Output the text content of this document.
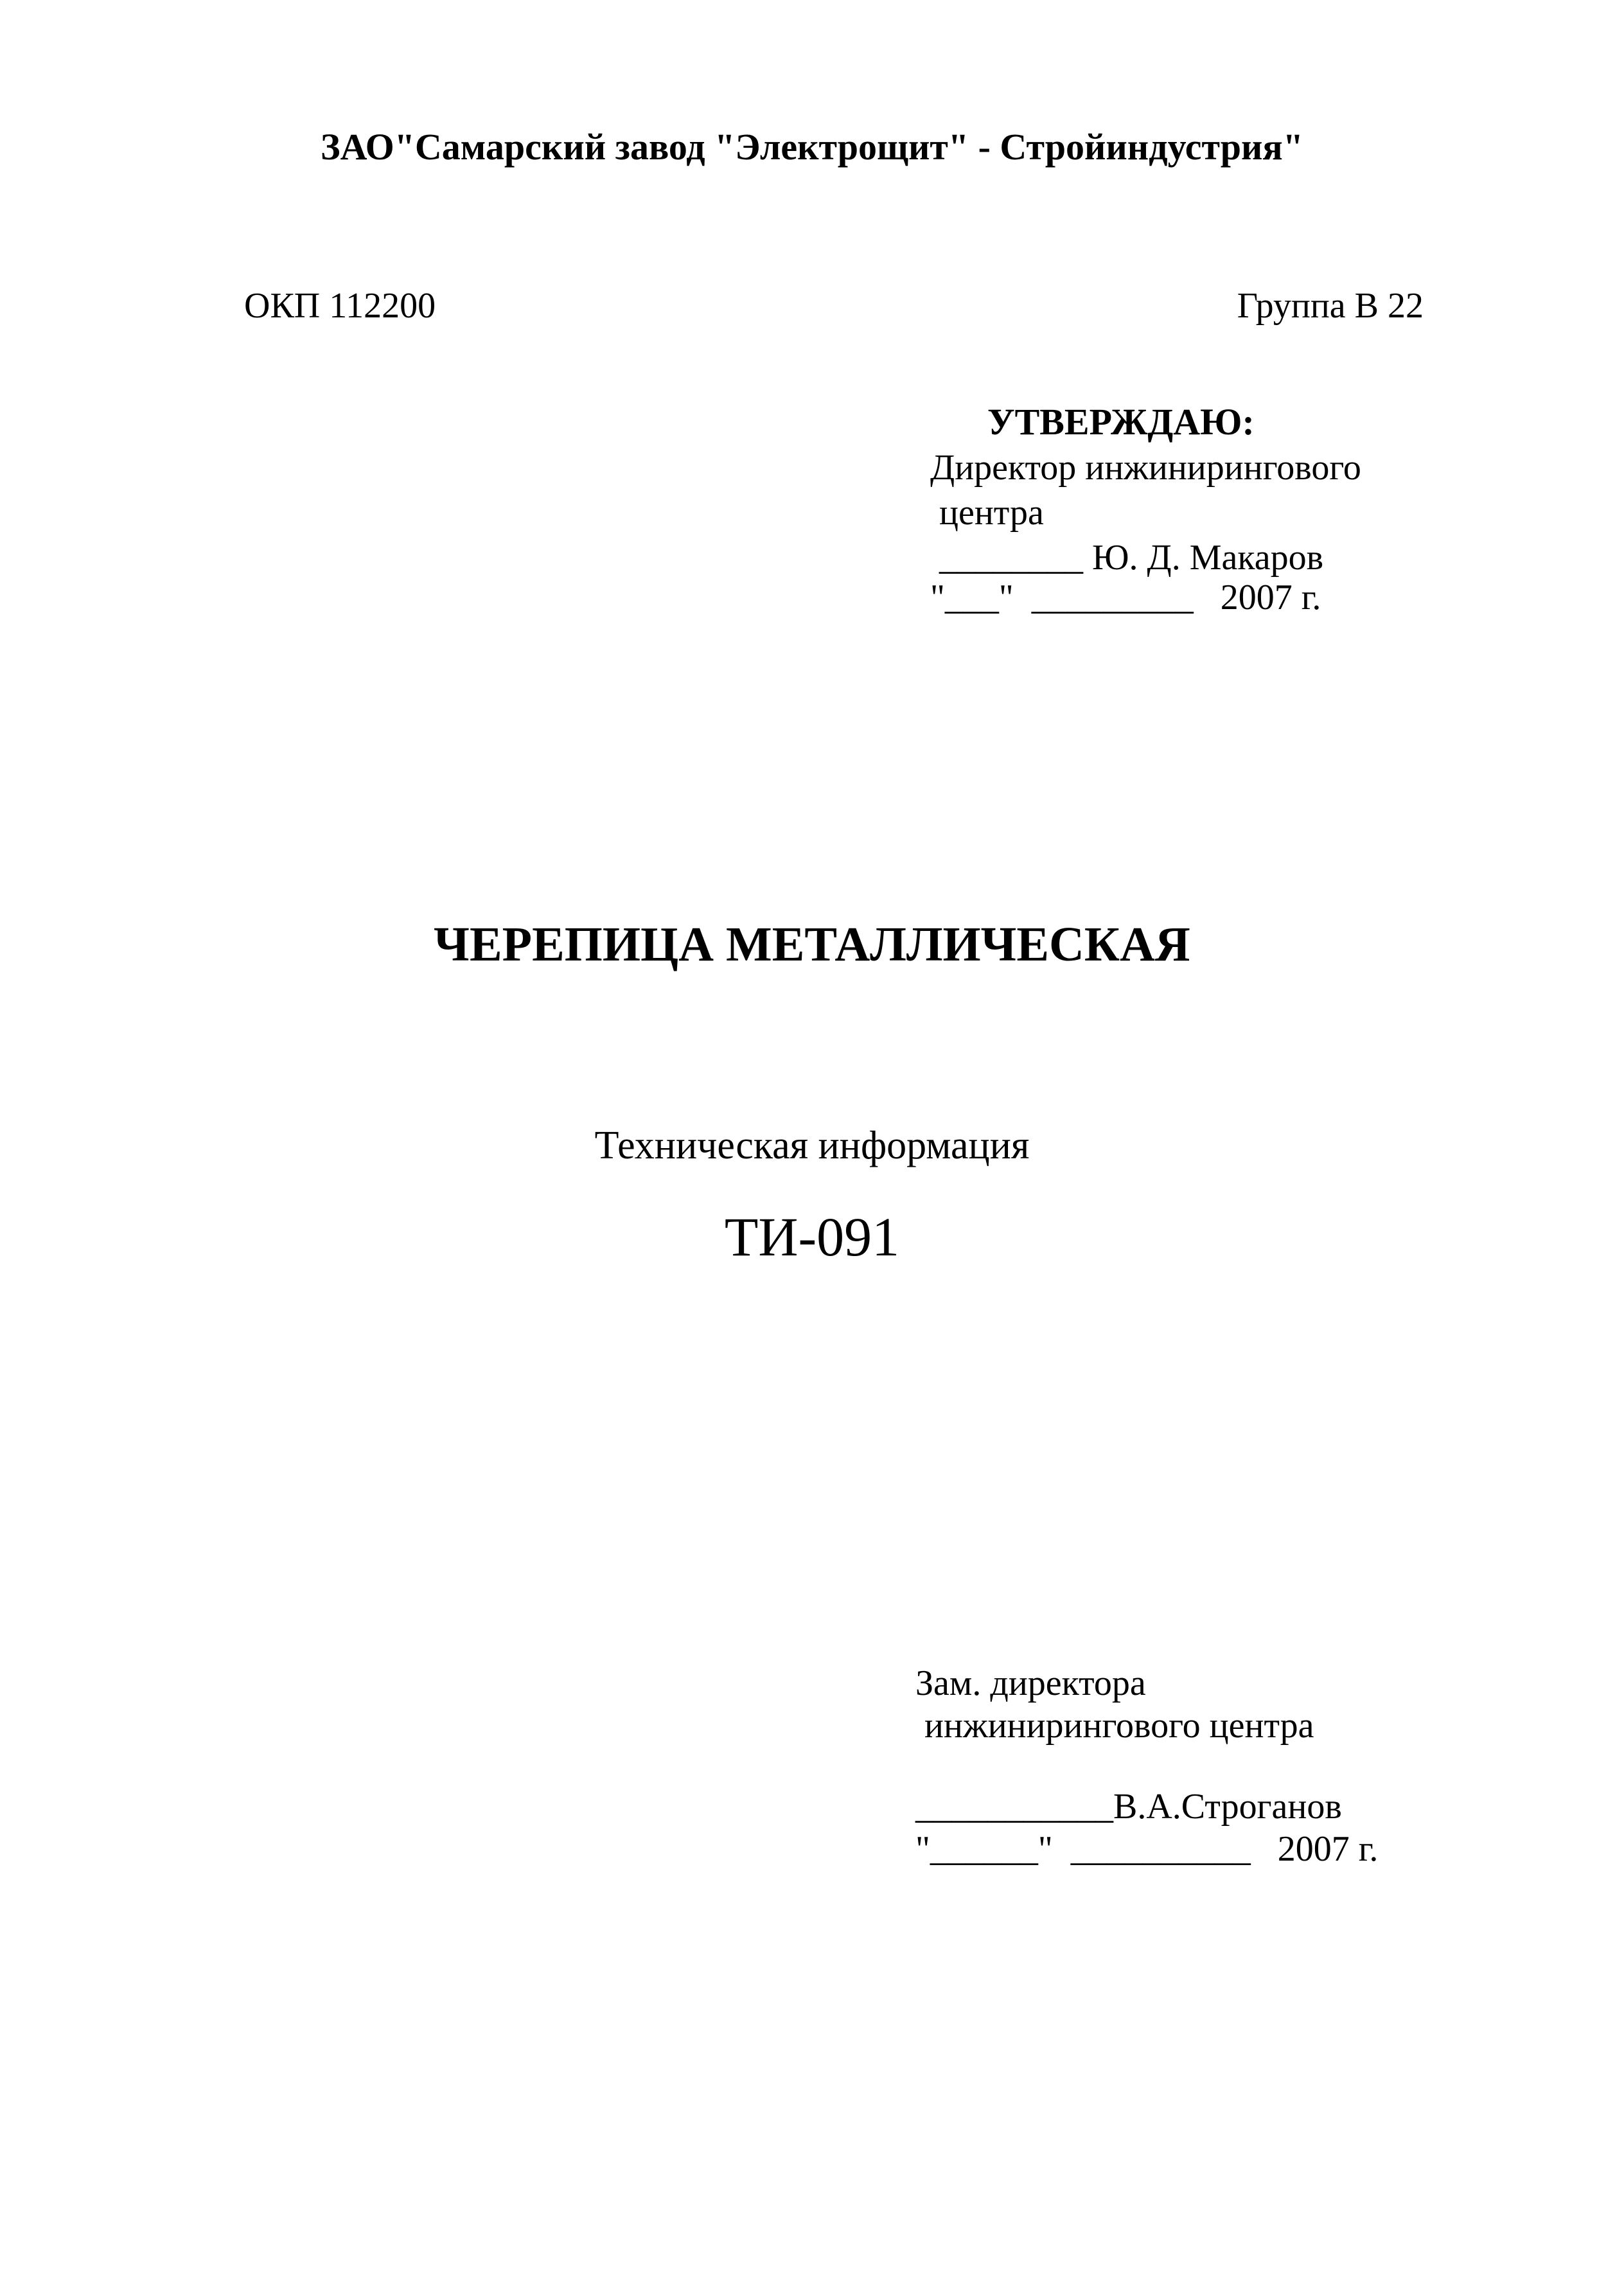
ЗАО"Самарский завод "Электрощит" - Стройиндустрия"
ОКП 112200	Группа В 22
УТВЕРЖДАЮ:
Директор инжинирингового
центра
________ Ю. Д. Макаров
"___"  _________   2007 г.
ЧЕРЕПИЦА МЕТАЛЛИЧЕСКАЯ
Техническая информация
ТИ-091
Зам. директора
инжинирингового центра
___________В.А.Строганов
"______"  __________   2007 г.
